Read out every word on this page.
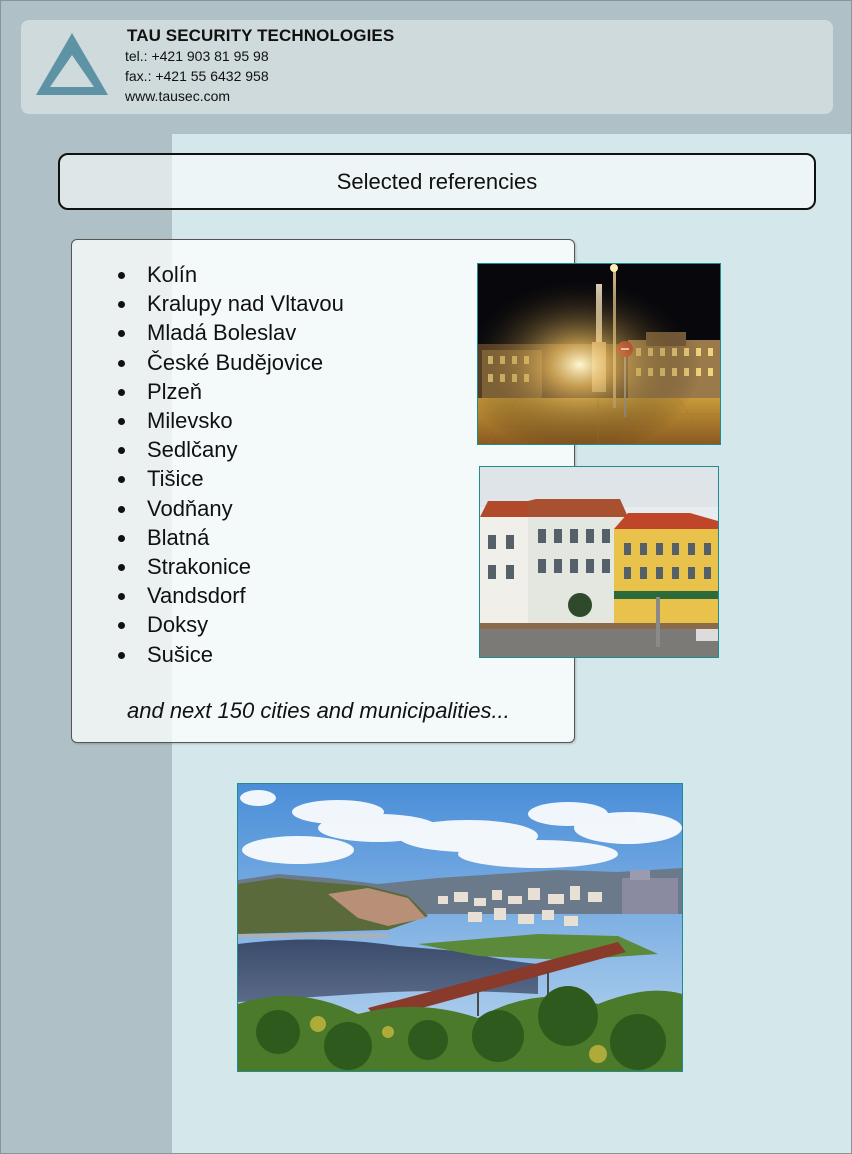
TAU SECURITY TECHNOLOGIES
tel.: +421 903 81 95 98
fax.: +421 55 6432 958
www.tausec.com
Selected referencies
Kolín
Kralupy nad Vltavou
Mladá Boleslav
České Budějovice
Plzeň
Milevsko
Sedlčany
Tišice
Vodňany
Blatná
Strakonice
Vandsdorf
Doksy
Sušice
and next 150 cities and municipalities...
